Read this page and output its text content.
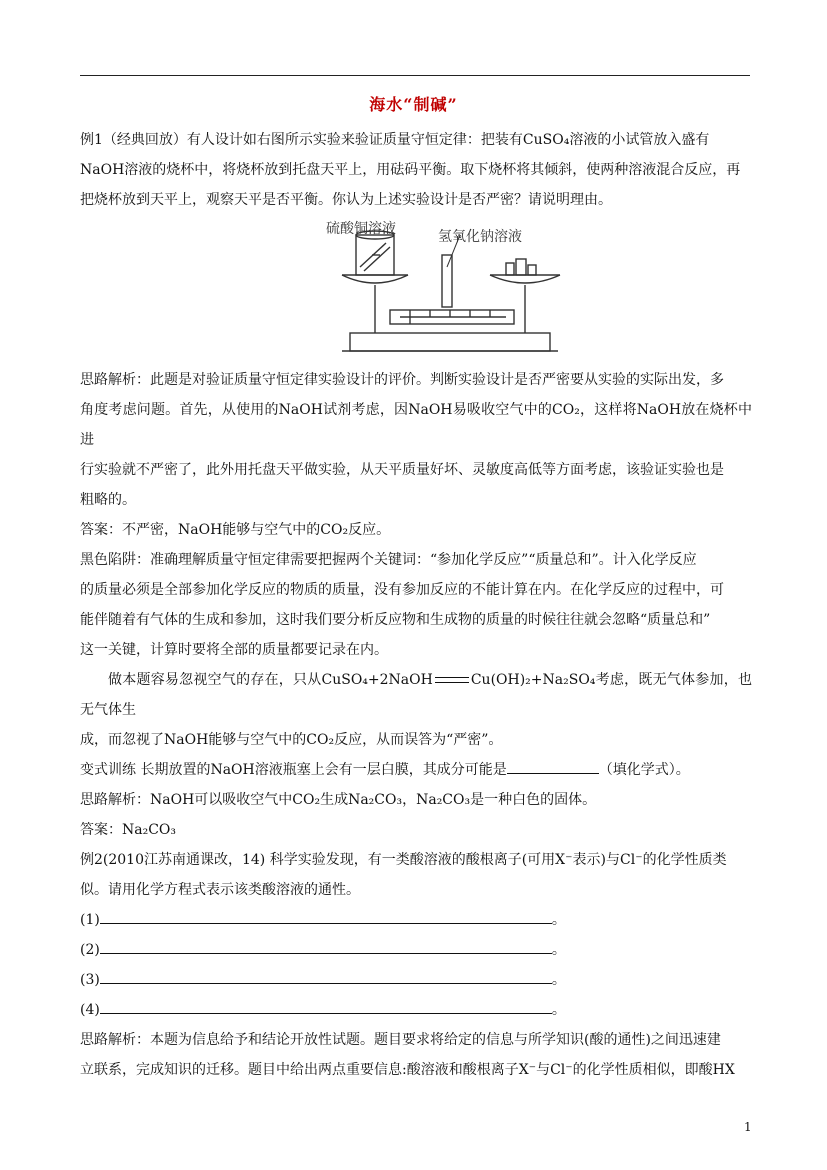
海水“制碱”

例1（经典回放）有人设计如右图所示实验来验证质量守恒定律：把装有CuSO₄溶液的小试管放入盛有

NaOH溶液的烧杯中，将烧杯放到托盘天平上，用砝码平衡。取下烧杯将其倾斜，使两种溶液混合反应，再

把烧杯放到天平上，观察天平是否平衡。你认为上述实验设计是否严密？请说明理由。

硫酸铜溶液	氢氧化钠溶液

思路解析：此题是对验证质量守恒定律实验设计的评价。判断实验设计是否严密要从实验的实际出发，多

角度考虑问题。首先，从使用的NaOH试剂考虑，因NaOH易吸收空气中的CO₂，这样将NaOH放在烧杯中进

行实验就不严密了，此外用托盘天平做实验，从天平质量好坏、灵敏度高低等方面考虑，该验证实验也是

粗略的。

答案：不严密，NaOH能够与空气中的CO₂反应。

黑色陷阱：准确理解质量守恒定律需要把握两个关键词：“参加化学反应”“质量总和”。计入化学反应

的质量必须是全部参加化学反应的物质的质量，没有参加反应的不能计算在内。在化学反应的过程中，可

能伴随着有气体的生成和参加，这时我们要分析反应物和生成物的质量的时候往往就会忽略“质量总和”

这一关键，计算时要将全部的质量都要记录在内。

做本题容易忽视空气的存在，只从CuSO₄+2NaOH	Cu(OH)₂+Na₂SO₄考虑，既无气体参加，也无气体生

成，而忽视了NaOH能够与空气中的CO₂反应，从而误答为“严密”。

变式训练 长期放置的NaOH溶液瓶塞上会有一层白膜，其成分可能是	（填化学式）。

思路解析：NaOH可以吸收空气中CO₂生成Na₂CO₃，Na₂CO₃是一种白色的固体。

答案：Na₂CO₃

例2(2010江苏南通课改，14) 科学实验发现，有一类酸溶液的酸根离子(可用X⁻表示)与Cl⁻的化学性质类

似。请用化学方程式表示该类酸溶液的通性。

(1)	。

(2)	。

(3)	。

(4)	。

思路解析：本题为信息给予和结论开放性试题。题目要求将给定的信息与所学知识(酸的通性)之间迅速建

立联系，完成知识的迁移。题目中给出两点重要信息:酸溶液和酸根离子X⁻与Cl⁻的化学性质相似，即酸HX

1
